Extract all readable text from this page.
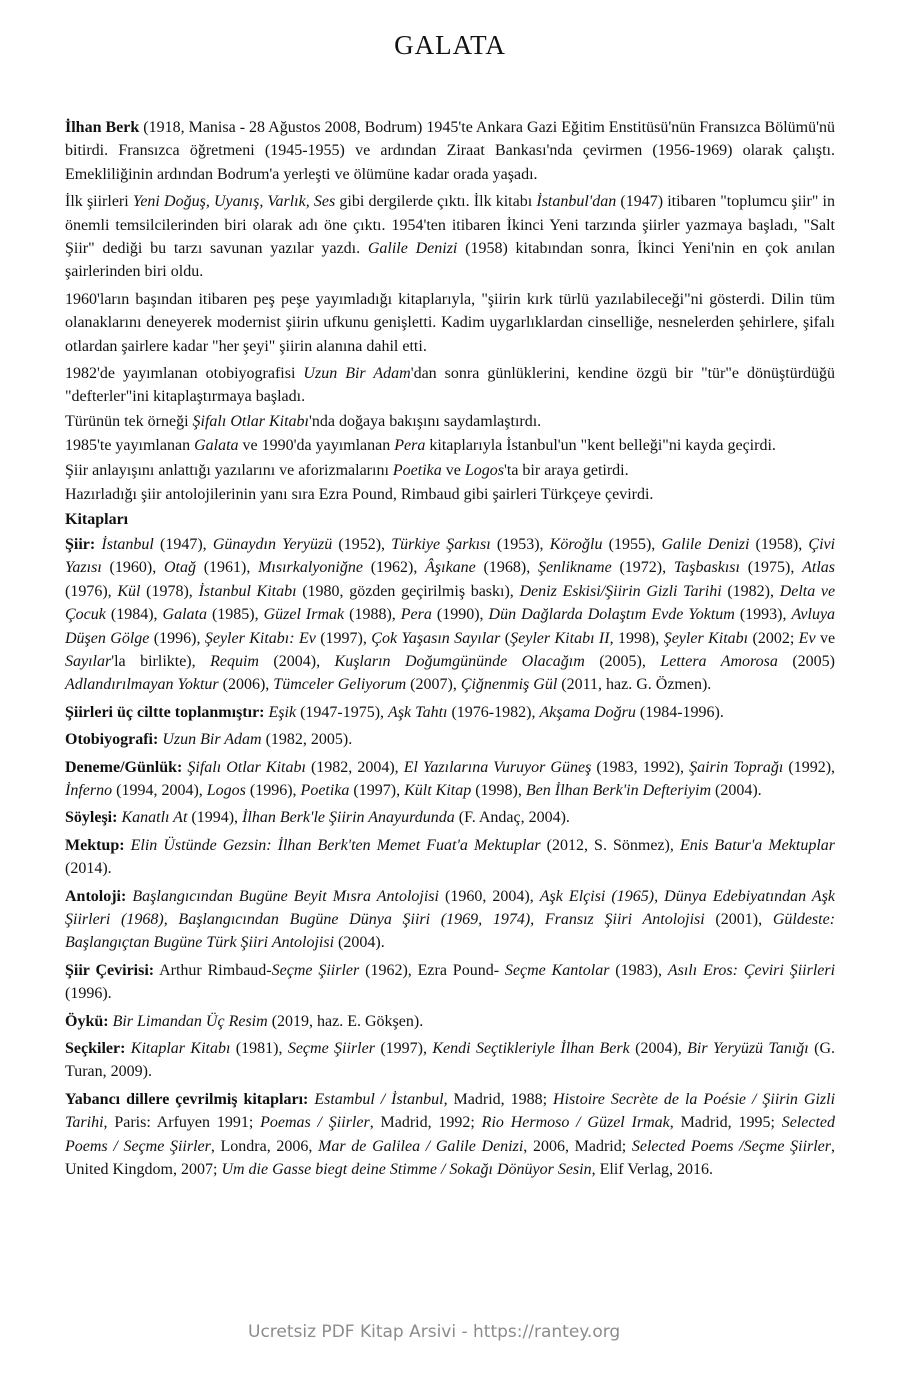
GALATA

İlhan Berk (1918, Manisa - 28 Ağustos 2008, Bodrum) 1945'te Ankara Gazi Eğitim Enstitüsü'nün Fransızca Bölümü'nü bitirdi. Fransızca öğretmeni (1945-1955) ve ardından Ziraat Bankası'nda çevirmen (1956-1969) olarak çalıştı. Emekliliğinin ardından Bodrum'a yerleşti ve ölümüne kadar orada yaşadı.

İlk şiirleri Yeni Doğuş, Uyanış, Varlık, Ses gibi dergilerde çıktı. İlk kitabı İstanbul'dan (1947) itibaren "toplumcu şiir" in önemli temsilcilerinden biri olarak adı öne çıktı. 1954'ten itibaren İkinci Yeni tarzında şiirler yazmaya başladı, "Salt Şiir" dediği bu tarzı savunan yazılar yazdı. Galile Denizi (1958) kitabından sonra, İkinci Yeni'nin en çok anılan şairlerinden biri oldu.

1960'ların başından itibaren peş peşe yayımladığı kitaplarıyla, "şiirin kırk türlü yazılabileceği"ni gösterdi. Dilin tüm olanaklarını deneyerek modernist şiirin ufkunu genişletti. Kadim uygarlıklardan cinselliğe, nesnelerden şehirlere, şifalı otlardan şairlere kadar "her şeyi" şiirin alanına dahil etti.

1982'de yayımlanan otobiyografisi Uzun Bir Adam'dan sonra günlüklerini, kendine özgü bir "tür"e dönüştürdüğü "defterler"ini kitaplaştırmaya başladı.

Türünün tek örneği Şifalı Otlar Kitabı'nda doğaya bakışını saydamlaştırdı.

1985'te yayımlanan Galata ve 1990'da yayımlanan Pera kitaplarıyla İstanbul'un "kent belleği"ni kayda geçirdi.

Şiir anlayışını anlattığı yazılarını ve aforizmalarını Poetika ve Logos'ta bir araya getirdi.

Hazırladığı şiir antolojilerinin yanı sıra Ezra Pound, Rimbaud gibi şairleri Türkçeye çevirdi.

Kitapları

Şiir: İstanbul (1947), Günaydın Yeryüzü (1952), Türkiye Şarkısı (1953), Köroğlu (1955), Galile Denizi (1958), Çivi Yazısı (1960), Otağ (1961), Mısırkalyoniğne (1962), Âşıkane (1968), Şenlikname (1972), Taşbaskısı (1975), Atlas (1976), Kül (1978), İstanbul Kitabı (1980, gözden geçirilmiş baskı), Deniz Eskisi/Şiirin Gizli Tarihi (1982), Delta ve Çocuk (1984), Galata (1985), Güzel Irmak (1988), Pera (1990), Dün Dağlarda Dolaştım Evde Yoktum (1993), Avluya Düşen Gölge (1996), Şeyler Kitabı: Ev (1997), Çok Yaşasın Sayılar (Şeyler Kitabı II, 1998), Şeyler Kitabı (2002; Ev ve Sayılar'la birlikte), Requim (2004), Kuşların Doğumgününde Olacağım (2005), Lettera Amorosa (2005) Adlandırılmayan Yoktur (2006), Tümceler Geliyorum (2007), Çiğnenmiş Gül (2011, haz. G. Özmen).

Şiirleri üç ciltte toplanmıştır: Eşik (1947-1975), Aşk Tahtı (1976-1982), Akşama Doğru (1984-1996).

Otobiyografi: Uzun Bir Adam (1982, 2005).

Deneme/Günlük: Şifalı Otlar Kitabı (1982, 2004), El Yazılarına Vuruyor Güneş (1983, 1992), Şairin Toprağı (1992), İnferno (1994, 2004), Logos (1996), Poetika (1997), Kült Kitap (1998), Ben İlhan Berk'in Defteriyim (2004).

Söyleşi: Kanatlı At (1994), İlhan Berk'le Şiirin Anayurdunda (F. Andaç, 2004).

Mektup: Elin Üstünde Gezsin: İlhan Berk'ten Memet Fuat'a Mektuplar (2012, S. Sönmez), Enis Batur'a Mektuplar (2014).

Antoloji: Başlangıcından Bugüne Beyit Mısra Antolojisi (1960, 2004), Aşk Elçisi (1965), Dünya Edebiyatından Aşk Şiirleri (1968), Başlangıcından Bugüne Dünya Şiiri (1969, 1974), Fransız Şiiri Antolojisi (2001), Güldeste: Başlangıçtan Bugüne Türk Şiiri Antolojisi (2004).

Şiir Çevirisi: Arthur Rimbaud-Seçme Şiirler (1962), Ezra Pound- Seçme Kantolar (1983), Asılı Eros: Çeviri Şiirleri (1996).

Öykü: Bir Limandan Üç Resim (2019, haz. E. Gökşen).

Seçkiler: Kitaplar Kitabı (1981), Seçme Şiirler (1997), Kendi Seçtikleriyle İlhan Berk (2004), Bir Yeryüzü Tanığı (G. Turan, 2009).

Yabancı dillere çevrilmiş kitapları: Estambul / İstanbul, Madrid, 1988; Histoire Secrète de la Poésie / Şiirin Gizli Tarihi, Paris: Arfuyen 1991; Poemas / Şiirler, Madrid, 1992; Rio Hermoso / Güzel Irmak, Madrid, 1995; Selected Poems / Seçme Şiirler, Londra, 2006, Mar de Galilea / Galile Denizi, 2006, Madrid; Selected Poems /Seçme Şiirler, United Kingdom, 2007; Um die Gasse biegt deine Stimme / Sokağı Dönüyor Sesin, Elif Verlag, 2016.

Ucretsiz PDF Kitap Arsivi - https://rantey.org
